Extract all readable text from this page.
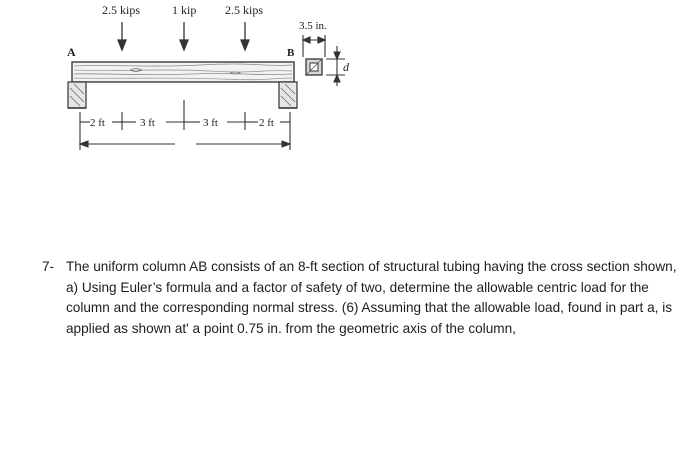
2.5 kips	1 kip 2.5 kips
A	B
2 ft	3 ft	3 ft	2 ft
3.5 in.
d
7- The uniform column AB consists of an 8-ft section of structural tubing having the cross section shown, a) Using Euler’s formula and a factor of safety of two, determine the allowable centric load for the column and the corresponding normal stress. (6) Assuming that the allowable load, found in part a, is applied as shown at' a point 0.75 in. from the geometric axis of the column,
